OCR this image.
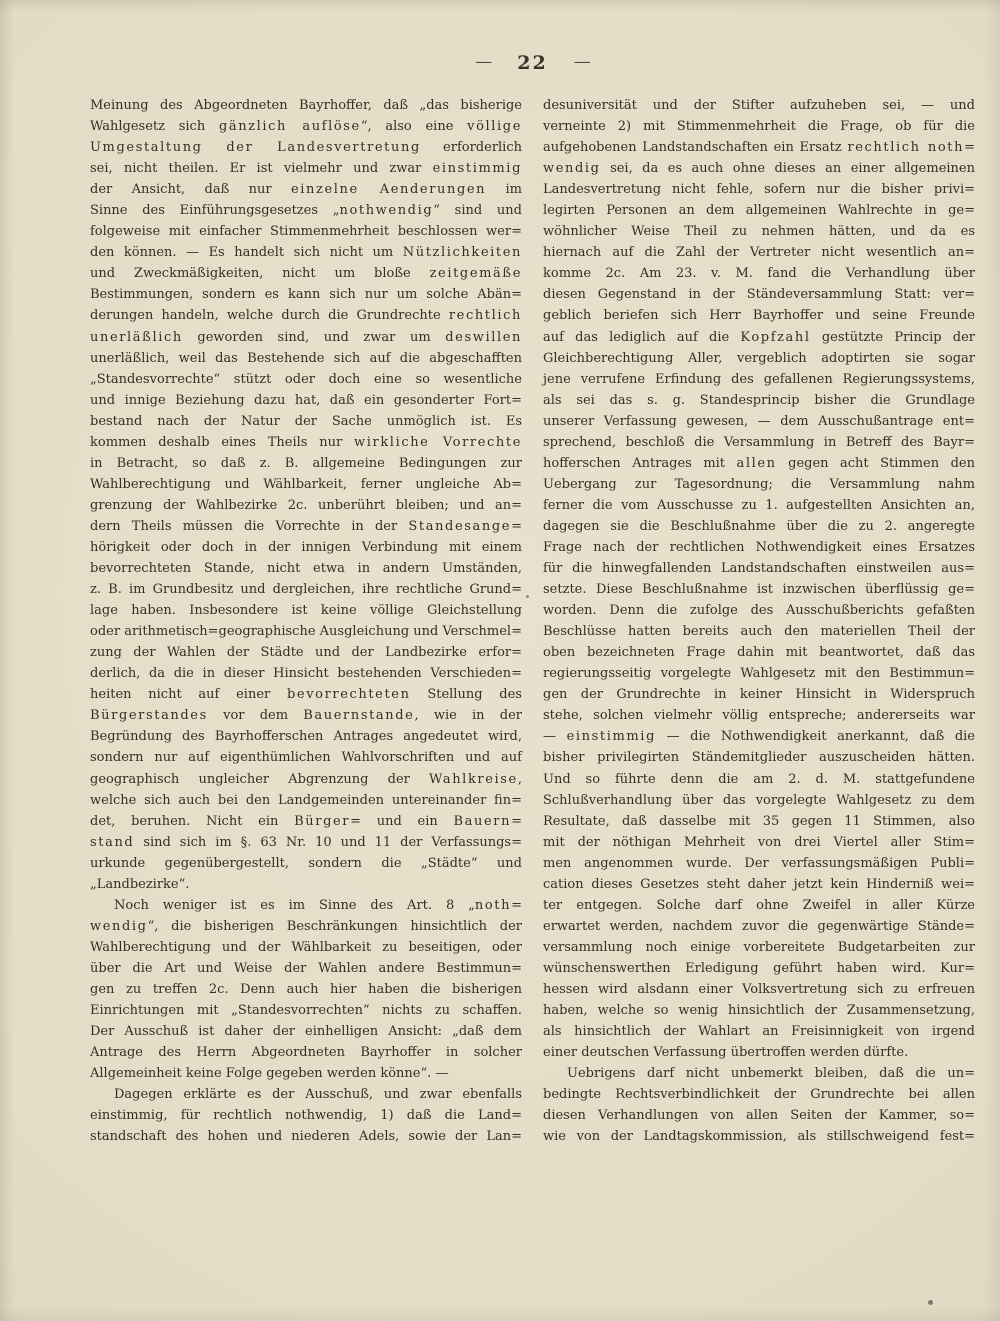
— 22 —
Meinung des Abgeordneten Bayrhoffer, daß „das bisherige
Wahlgesetz sich gänzlich auflöse“, also eine völlige
Umgestaltung der Landesvertretung erforderlich
sei, nicht theilen. Er ist vielmehr und zwar einstimmig
der Ansicht, daß nur einzelne Aenderungen im
Sinne des Einführungsgesetzes „nothwendig“ sind und
folgeweise mit einfacher Stimmenmehrheit beschlossen wer=
den können. — Es handelt sich nicht um Nützlichkeiten
und Zweckmäßigkeiten, nicht um bloße zeitgemäße
Bestimmungen, sondern es kann sich nur um solche Abän=
derungen handeln, welche durch die Grundrechte rechtlich
unerläßlich geworden sind, und zwar um deswillen
unerläßlich, weil das Bestehende sich auf die abgeschafften
„Standesvorrechte“ stützt oder doch eine so wesentliche
und innige Beziehung dazu hat, daß ein gesonderter Fort=
bestand nach der Natur der Sache unmöglich ist. Es
kommen deshalb eines Theils nur wirkliche Vorrechte
in Betracht, so daß z. B. allgemeine Bedingungen zur
Wahlberechtigung und Wählbarkeit, ferner ungleiche Ab=
grenzung der Wahlbezirke 2c. unberührt bleiben; und an=
dern Theils müssen die Vorrechte in der Standesange=
hörigkeit oder doch in der innigen Verbindung mit einem
bevorrechteten Stande, nicht etwa in andern Umständen,
z. B. im Grundbesitz und dergleichen, ihre rechtliche Grund=
lage haben. Insbesondere ist keine völlige Gleichstellung
oder arithmetisch=geographische Ausgleichung und Verschmel=
zung der Wahlen der Städte und der Landbezirke erfor=
derlich, da die in dieser Hinsicht bestehenden Verschieden=
heiten nicht auf einer bevorrechteten Stellung des
Bürgerstandes vor dem Bauernstande, wie in der
Begründung des Bayrhofferschen Antrages angedeutet wird,
sondern nur auf eigenthümlichen Wahlvorschriften und auf
geographisch ungleicher Abgrenzung der Wahlkreise,
welche sich auch bei den Landgemeinden untereinander fin=
det, beruhen. Nicht ein Bürger= und ein Bauern=
stand sind sich im §. 63 Nr. 10 und 11 der Verfassungs=
urkunde gegenübergestellt, sondern die „Städte“ und
„Landbezirke“.
Noch weniger ist es im Sinne des Art. 8 „noth=
wendig“, die bisherigen Beschränkungen hinsichtlich der
Wahlberechtigung und der Wählbarkeit zu beseitigen, oder
über die Art und Weise der Wahlen andere Bestimmun=
gen zu treffen 2c. Denn auch hier haben die bisherigen
Einrichtungen mit „Standesvorrechten“ nichts zu schaffen.
Der Ausschuß ist daher der einhelligen Ansicht: „daß dem
Antrage des Herrn Abgeordneten Bayrhoffer in solcher
Allgemeinheit keine Folge gegeben werden könne“. —
Dagegen erklärte es der Ausschuß, und zwar ebenfalls
einstimmig, für rechtlich nothwendig, 1) daß die Land=
standschaft des hohen und niederen Adels, sowie der Lan=
desuniversität und der Stifter aufzuheben sei, — und
verneinte 2) mit Stimmenmehrheit die Frage, ob für die
aufgehobenen Landstandschaften ein Ersatz rechtlich noth=
wendig sei, da es auch ohne dieses an einer allgemeinen
Landesvertretung nicht fehle, sofern nur die bisher privi=
legirten Personen an dem allgemeinen Wahlrechte in ge=
wöhnlicher Weise Theil zu nehmen hätten, und da es
hiernach auf die Zahl der Vertreter nicht wesentlich an=
komme 2c. Am 23. v. M. fand die Verhandlung über
diesen Gegenstand in der Ständeversammlung Statt: ver=
geblich beriefen sich Herr Bayrhoffer und seine Freunde
auf das lediglich auf die Kopfzahl gestützte Princip der
Gleichberechtigung Aller, vergeblich adoptirten sie sogar
jene verrufene Erfindung des gefallenen Regierungssystems,
als sei das s. g. Standesprincip bisher die Grundlage
unserer Verfassung gewesen, — dem Ausschußantrage ent=
sprechend, beschloß die Versammlung in Betreff des Bayr=
hofferschen Antrages mit allen gegen acht Stimmen den
Uebergang zur Tagesordnung; die Versammlung nahm
ferner die vom Ausschusse zu 1. aufgestellten Ansichten an,
dagegen sie die Beschlußnahme über die zu 2. angeregte
Frage nach der rechtlichen Nothwendigkeit eines Ersatzes
für die hinwegfallenden Landstandschaften einstweilen aus=
setzte. Diese Beschlußnahme ist inzwischen überflüssig ge=
worden. Denn die zufolge des Ausschußberichts gefaßten
Beschlüsse hatten bereits auch den materiellen Theil der
oben bezeichneten Frage dahin mit beantwortet, daß das
regierungsseitig vorgelegte Wahlgesetz mit den Bestimmun=
gen der Grundrechte in keiner Hinsicht in Widerspruch
stehe, solchen vielmehr völlig entspreche; andererseits war
— einstimmig — die Nothwendigkeit anerkannt, daß die
bisher privilegirten Ständemitglieder auszuscheiden hätten.
Und so führte denn die am 2. d. M. stattgefundene
Schlußverhandlung über das vorgelegte Wahlgesetz zu dem
Resultate, daß dasselbe mit 35 gegen 11 Stimmen, also
mit der nöthigan Mehrheit von drei Viertel aller Stim=
men angenommen wurde. Der verfassungsmäßigen Publi=
cation dieses Gesetzes steht daher jetzt kein Hinderniß wei=
ter entgegen. Solche darf ohne Zweifel in aller Kürze
erwartet werden, nachdem zuvor die gegenwärtige Stände=
versammlung noch einige vorbereitete Budgetarbeiten zur
wünschenswerthen Erledigung geführt haben wird. Kur=
hessen wird alsdann einer Volksvertretung sich zu erfreuen
haben, welche so wenig hinsichtlich der Zusammensetzung,
als hinsichtlich der Wahlart an Freisinnigkeit von irgend
einer deutschen Verfassung übertroffen werden dürfte.
Uebrigens darf nicht unbemerkt bleiben, daß die un=
bedingte Rechtsverbindlichkeit der Grundrechte bei allen
diesen Verhandlungen von allen Seiten der Kammer, so=
wie von der Landtagskommission, als stillschweigend fest=
